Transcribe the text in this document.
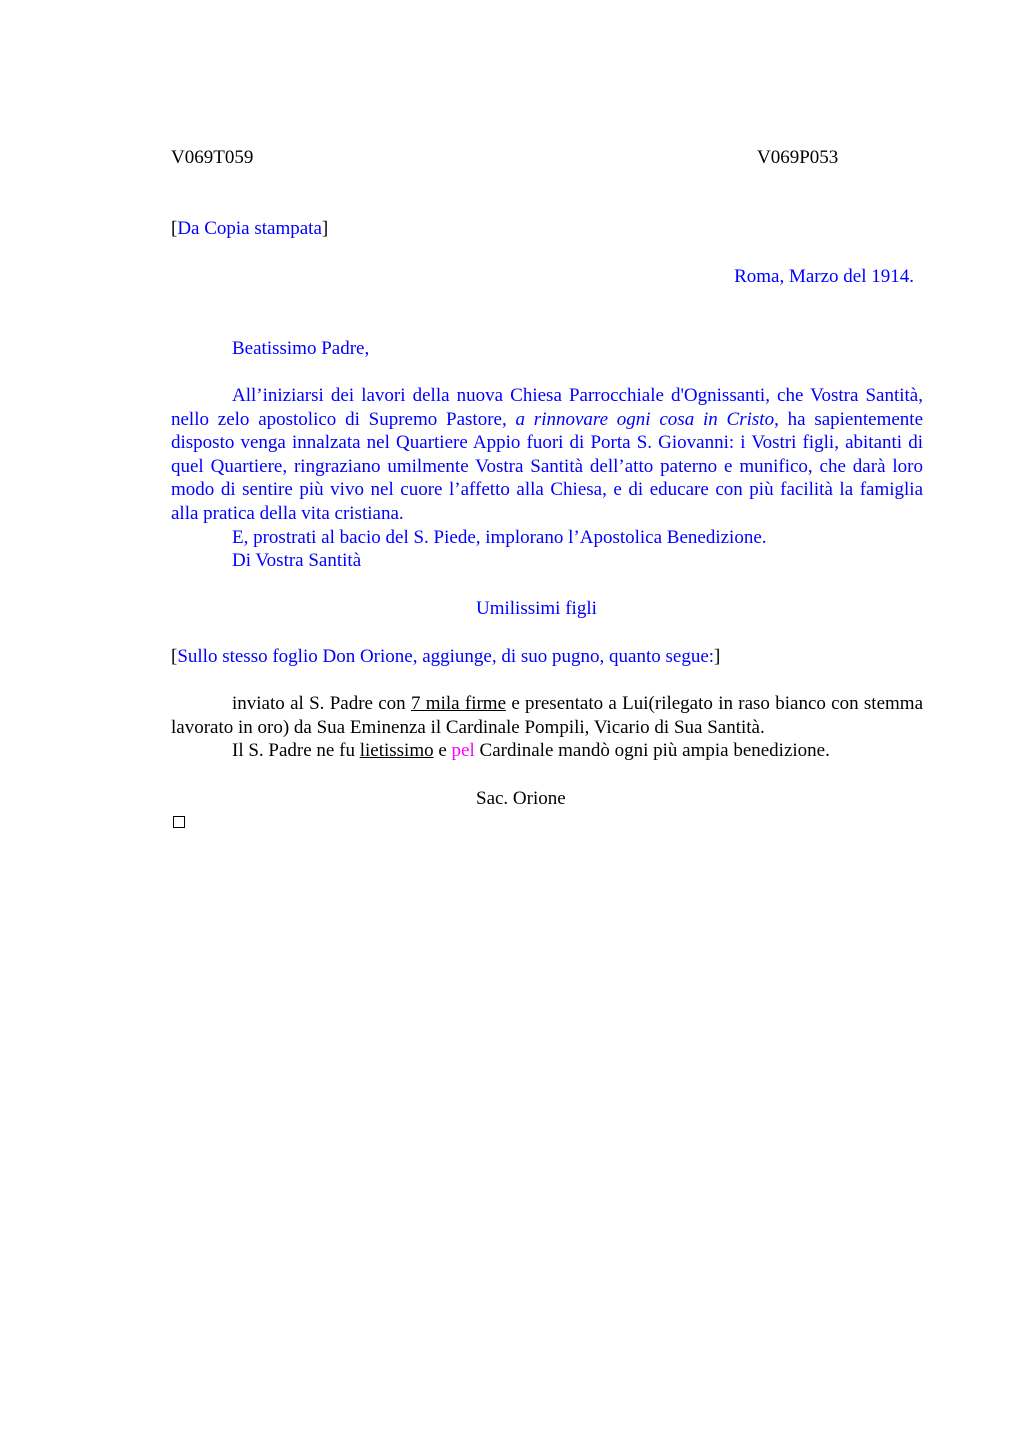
V069T059	V069P053
[Da Copia stampata]
Roma, Marzo del 1914.
Beatissimo Padre,

All’iniziarsi dei lavori della nuova Chiesa Parrocchiale d'Ognissanti, che Vostra Santità, nello zelo apostolico di Supremo Pastore, a rinnovare ogni cosa in Cristo, ha sapientemente disposto venga innalzata nel Quartiere Appio fuori di Porta S. Giovanni: i Vostri figli, abitanti di quel Quartiere, ringraziano umilmente Vostra Santità dell’atto paterno e munifico, che darà loro modo di sentire più vivo nel cuore l’affetto alla Chiesa, e di educare con più facilità la famiglia alla pratica della vita cristiana.

E, prostrati al bacio del S. Piede, implorano l’Apostolica Benedizione.

Di Vostra Santità

Umilissimi figli
[Sullo stesso foglio Don Orione, aggiunge, di suo pugno, quanto segue:]

inviato al S. Padre con 7 mila firme e presentato a Lui(rilegato in raso bianco con stemma lavorato in oro) da Sua Eminenza il Cardinale Pompili, Vicario di Sua Santità.

Il S. Padre ne fu lietissimo e pel Cardinale mandò ogni più ampia benedizione.

Sac. Orione
